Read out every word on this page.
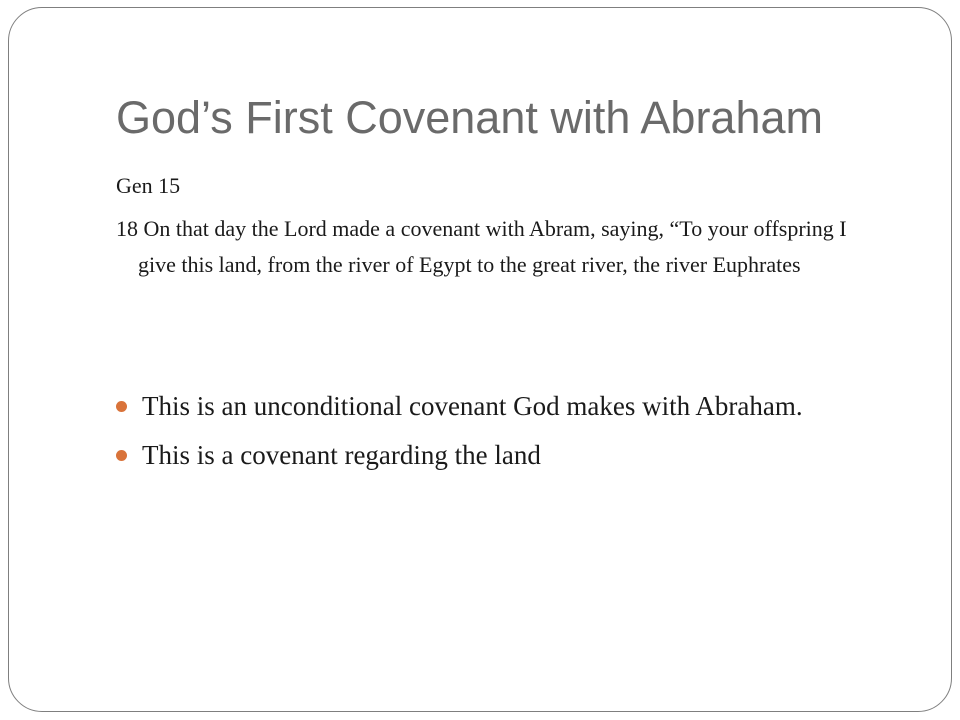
God’s First Covenant with Abraham
Gen 15
18 On that day the Lord made a covenant with Abram, saying, “To your offspring I give this land, from the river of Egypt to the great river, the river Euphrates
This is an unconditional covenant God makes with Abraham.
This is a covenant regarding the land
